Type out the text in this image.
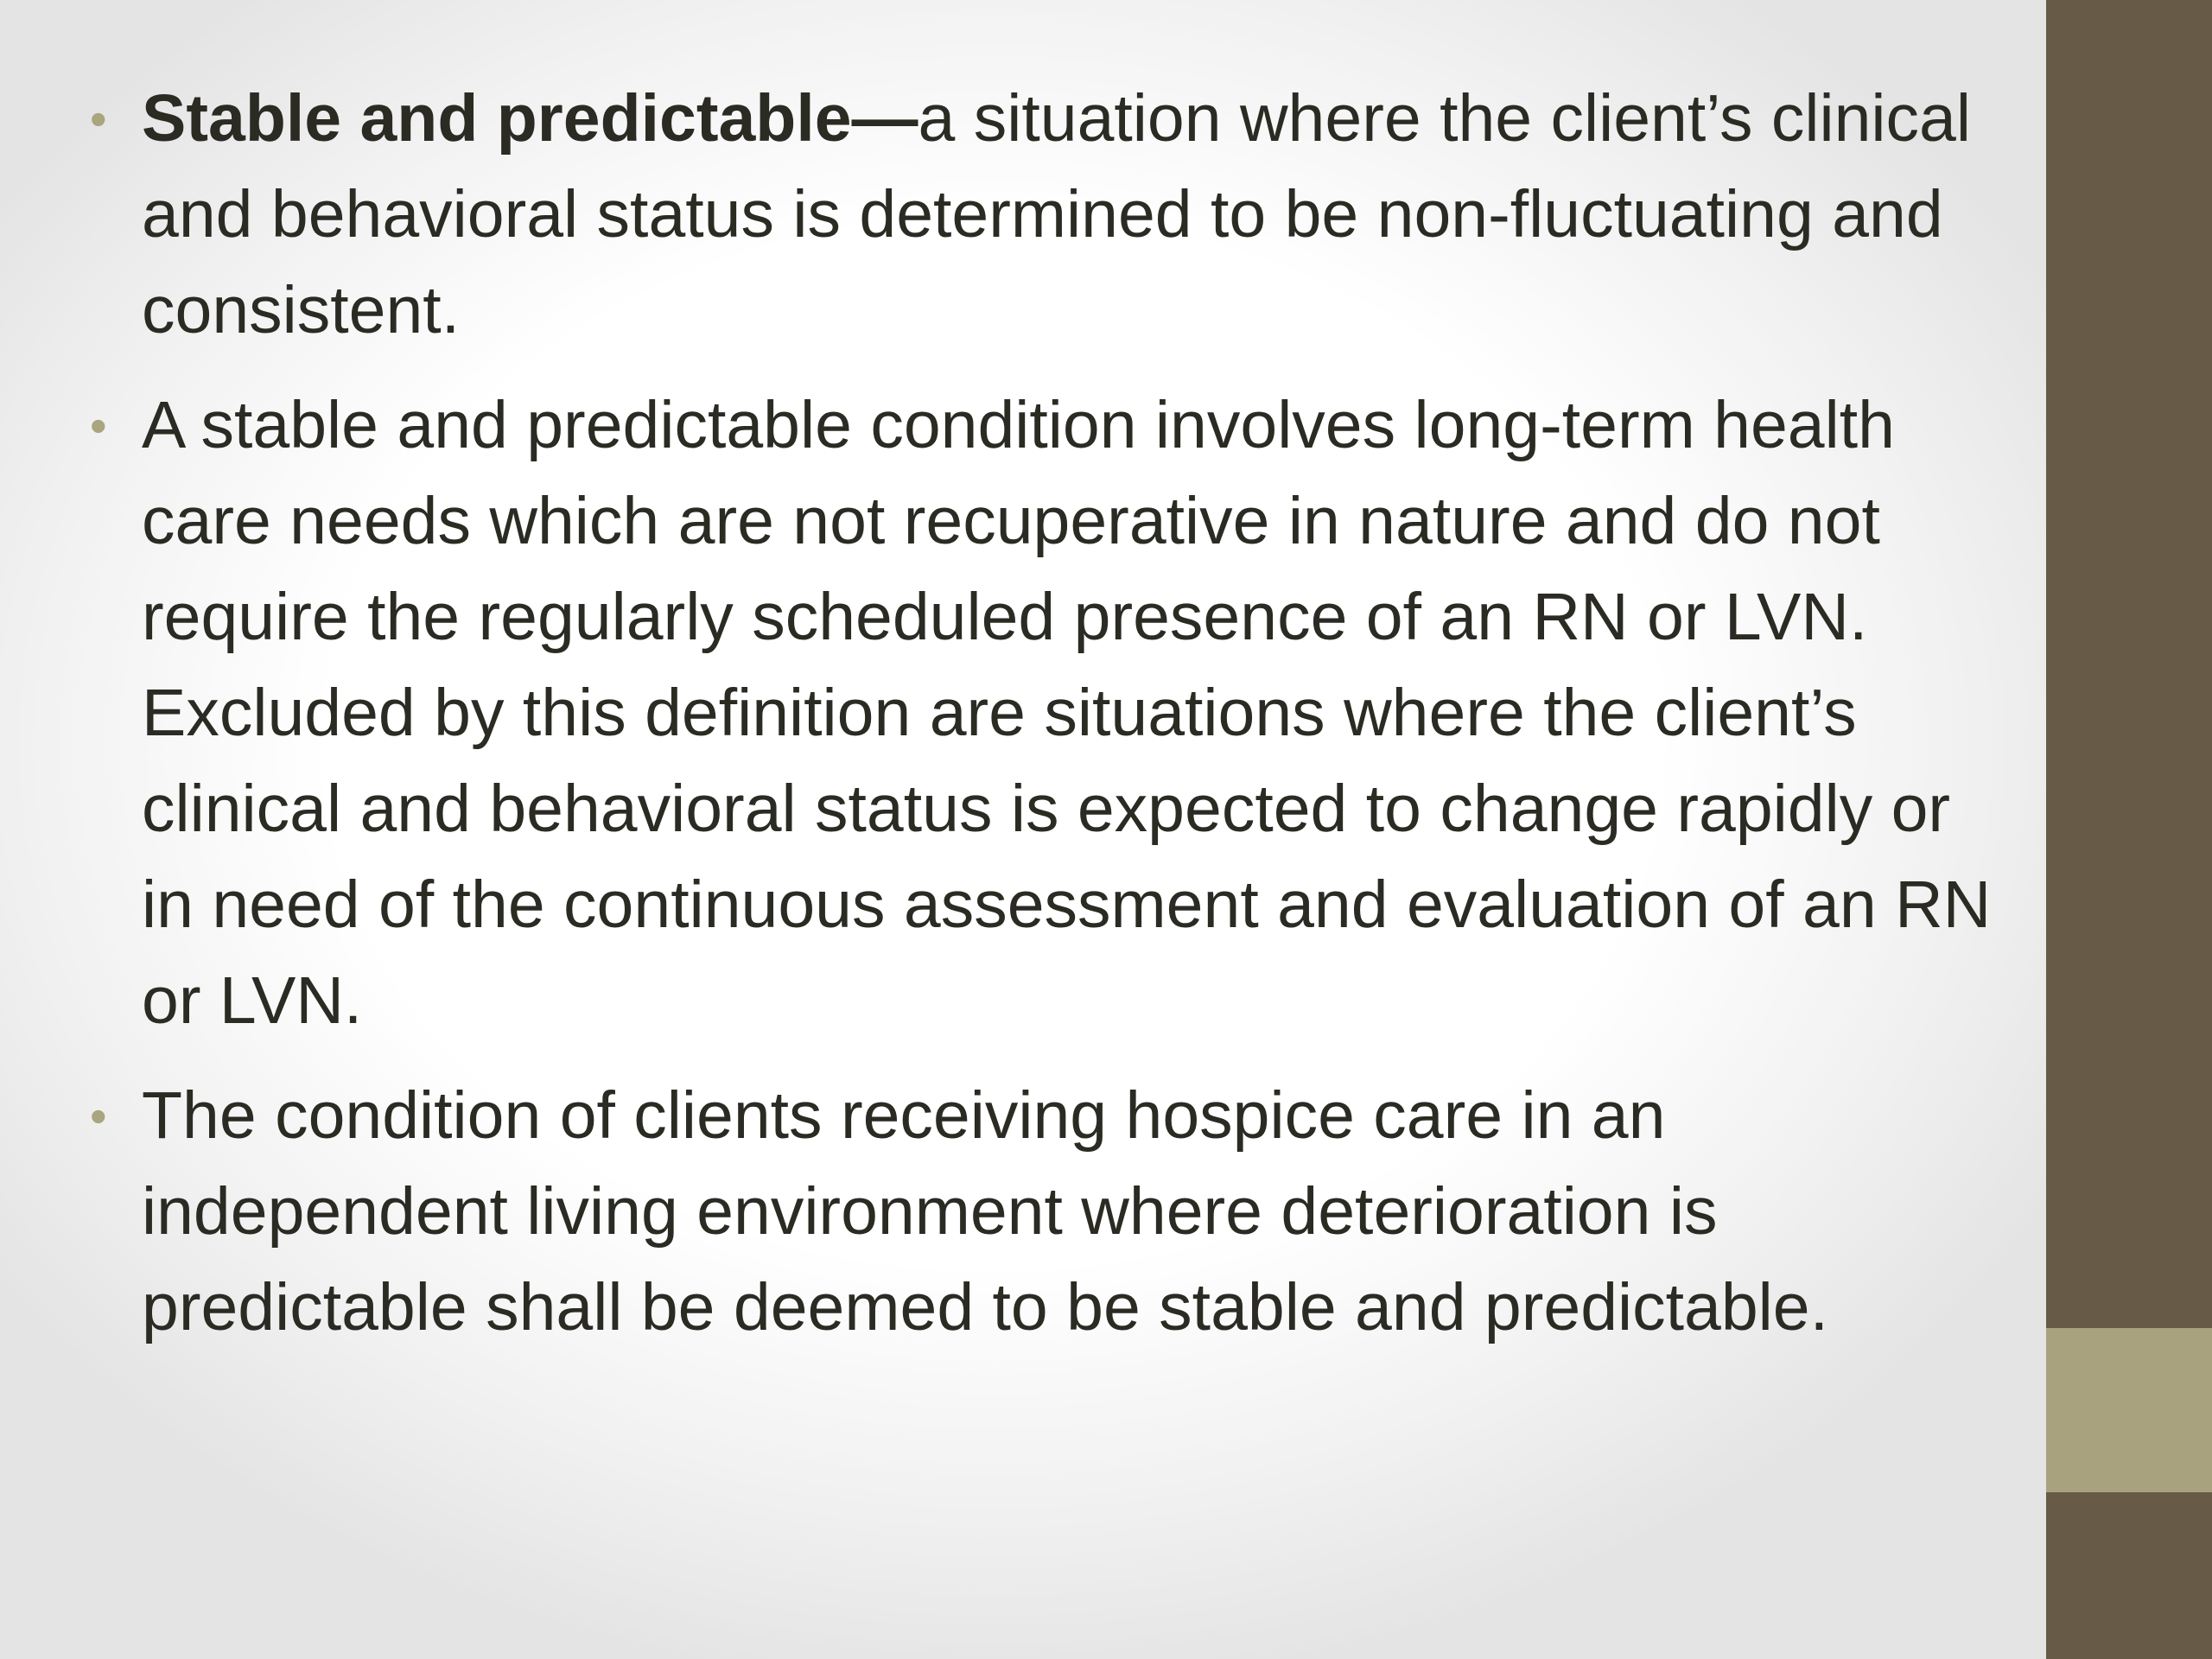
• Stable and predictable—a situation where the client’s clinical and behavioral status is determined to be non-fluctuating and consistent.
• A stable and predictable condition involves long-term health care needs which are not recuperative in nature and do not require the regularly scheduled presence of an RN or LVN. Excluded by this definition are situations where the client’s clinical and behavioral status is expected to change rapidly or in need of the continuous assessment and evaluation of an RN or LVN.
• The condition of clients receiving hospice care in an independent living environment where deterioration is predictable shall be deemed to be stable and predictable.
